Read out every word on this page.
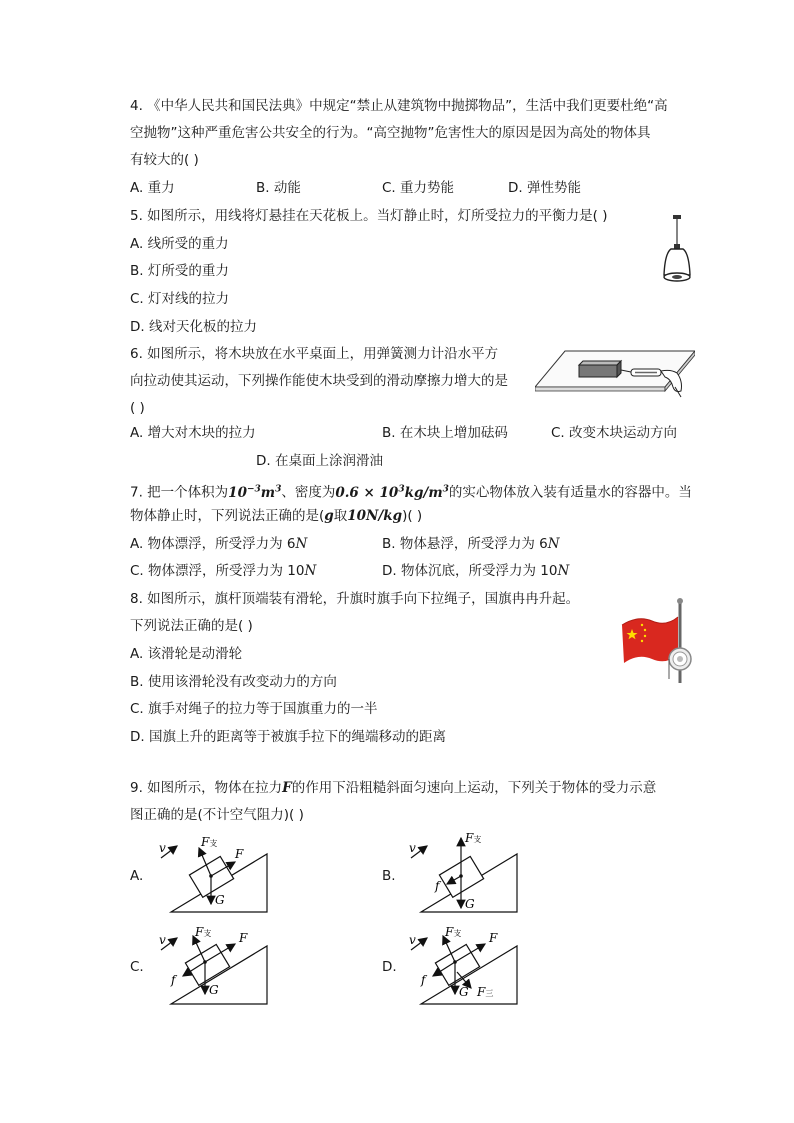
4. 《中华人民共和国民法典》中规定“禁止从建筑物中抛掷物品”，生活中我们更要杜绝“高
空抛物”这种严重危害公共安全的行为。“高空抛物”危害性大的原因是因为高处的物体具
有较大的( )
A. 重力	B. 动能	C. 重力势能	D. 弹性势能
5. 如图所示，用线将灯悬挂在天花板上。当灯静止时，灯所受拉力的平衡力是( )
A. 线所受的重力
B. 灯所受的重力
C. 灯对线的拉力
D. 线对天化板的拉力
6. 如图所示，将木块放在水平桌面上，用弹簧测力计沿水平方
向拉动使其运动，下列操作能使木块受到的滑动摩擦力增大的是
( )
A. 增大对木块的拉力	B. 在木块上增加砝码	C. 改变木块运动方向
D. 在桌面上涂润滑油
7. 把一个体积为$10^{-3}m^3$、密度为$0.6 \times 10^3kg/m^3$的实心物体放入装有适量水的容器中。当
物体静止时，下列说法正确的是(g取10N/kg)( )
A. 物体漂浮，所受浮力为 6N	B. 物体悬浮，所受浮力为 6N
C. 物体漂浮，所受浮力为 10N	D. 物体沉底，所受浮力为 10N
8. 如图所示，旗杆顶端装有滑轮，升旗时旗手向下拉绳子，国旗冉冉升起。
下列说法正确的是( )
A. 该滑轮是动滑轮
B. 使用该滑轮没有改变动力的方向
C. 旗手对绳子的拉力等于国旗重力的一半
D. 国旗上升的距离等于被旗手拉下的绳端移动的距离
9. 如图所示，物体在拉力F的作用下沿粗糙斜面匀速向上运动，下列关于物体的受力示意
图正确的是(不计空气阻力)( )
A.	B.
C.	D.
v	F支
F
G
v
F支
f
G
v
F支 F
f
G
v
F支 F
f
G F三
